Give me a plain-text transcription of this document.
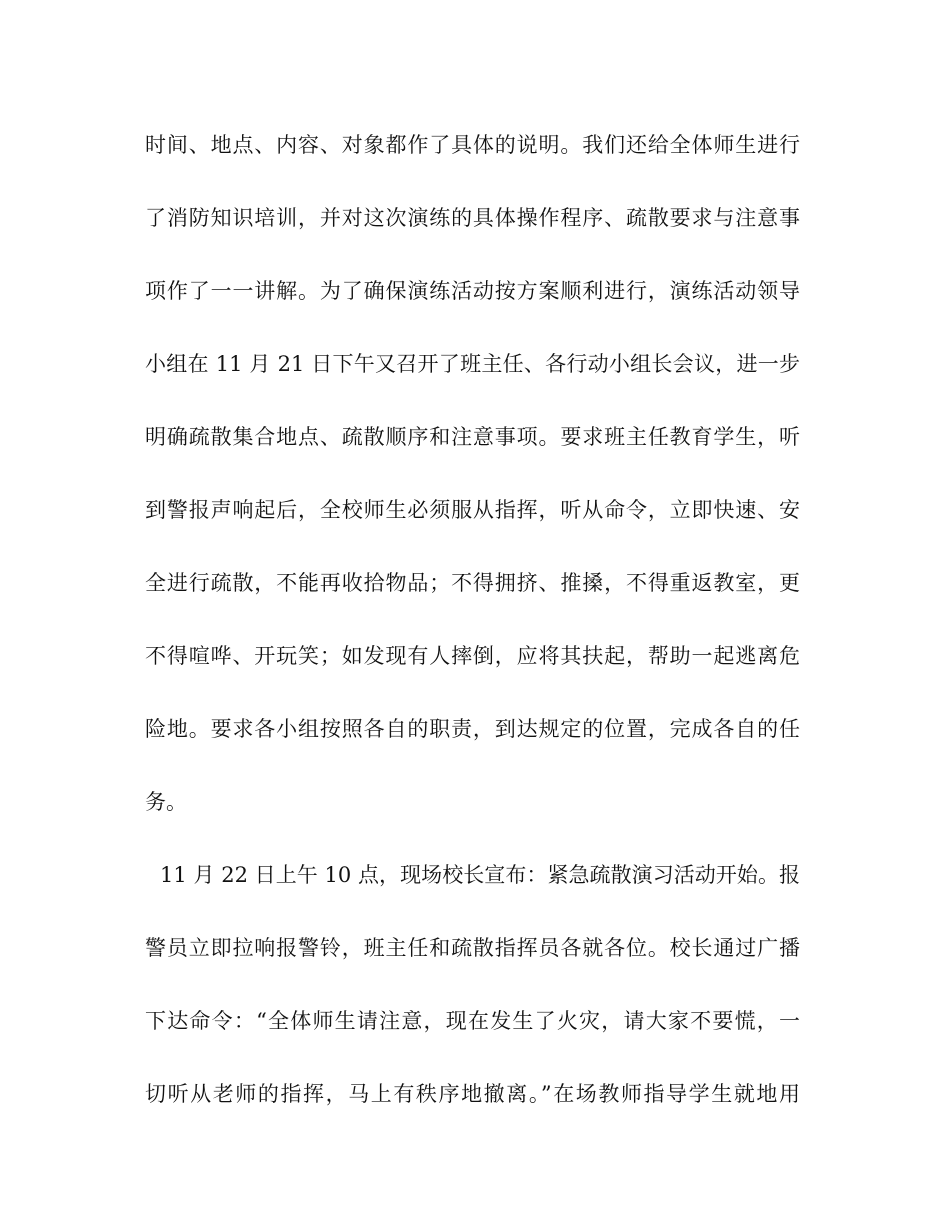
时间、地点、内容、对象都作了具体的说明。我们还给全体师生进行
了消防知识培训，并对这次演练的具体操作程序、疏散要求与注意事
项作了一一讲解。为了确保演练活动按方案顺利进行，演练活动领导
小组在 11 月 21 日下午又召开了班主任、各行动小组长会议，进一步
明确疏散集合地点、疏散顺序和注意事项。要求班主任教育学生，听
到警报声响起后，全校师生必须服从指挥，听从命令，立即快速、安
全进行疏散，不能再收拾物品；不得拥挤、推搡，不得重返教室，更
不得喧哗、开玩笑；如发现有人摔倒，应将其扶起，帮助一起逃离危
险地。要求各小组按照各自的职责，到达规定的位置，完成各自的任
务。
11 月 22 日上午 10 点，现场校长宣布：紧急疏散演习活动开始。报
警员立即拉响报警铃，班主任和疏散指挥员各就各位。校长通过广播
下达命令：“全体师生请注意，现在发生了火灾，请大家不要慌，一
切听从老师的指挥，马上有秩序地撤离。”在场教师指导学生就地用
